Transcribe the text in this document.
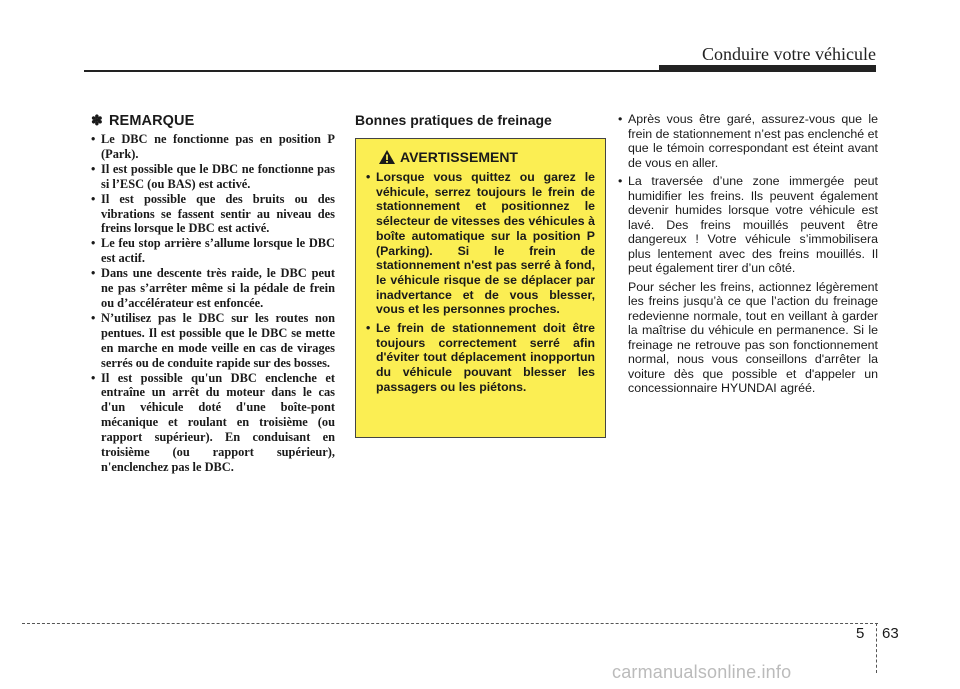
Conduire votre véhicule
✽ REMARQUE
• Le DBC ne fonctionne pas en position P (Park).
• Il est possible que le DBC ne fonctionne pas si l’ESC (ou BAS) est activé.
• Il est possible que des bruits ou des vibrations se fassent sentir au niveau des freins lorsque le DBC est activé.
• Le feu stop arrière s’allume lorsque le DBC est actif.
• Dans une descente très raide, le DBC peut ne pas s’arrêter même si la pédale de frein ou d’accélérateur est enfoncée.
• N’utilisez pas le DBC sur les routes non pentues. Il est possible que le DBC se mette en marche en mode veille en cas de virages serrés ou de conduite rapide sur des bosses.
• Il est possible qu'un DBC enclenche et entraîne un arrêt du moteur dans le cas d'un véhicule doté d'une boîte-pont mécanique et roulant en troisième (ou rapport supérieur). En conduisant en troisième (ou rapport supérieur), n'enclenchez pas le DBC.
Bonnes pratiques de freinage
AVERTISSEMENT
• Lorsque vous quittez ou garez le véhicule, serrez toujours le frein de stationnement et positionnez le sélecteur de vitesses des véhicules à boîte automatique sur la position P (Parking). Si le frein de stationnement n'est pas serré à fond, le véhicule risque de se déplacer par inadvertance et de vous blesser, vous et les personnes proches.
• Le frein de stationnement doit être toujours correctement serré afin d'éviter tout déplacement inopportun du véhicule pouvant blesser les passagers ou les piétons.
• Après vous être garé, assurez-vous que le frein de stationnement n’est pas enclenché et que le témoin correspondant est éteint avant de vous en aller.
• La traversée d’une zone immergée peut humidifier les freins. Ils peuvent également devenir humides lorsque votre véhicule est lavé. Des freins mouillés peuvent être dangereux ! Votre véhicule s’immobilisera plus lentement avec des freins mouillés. Il peut également tirer d’un côté.

Pour sécher les freins, actionnez légèrement les freins jusqu’à ce que l’action du freinage redevienne normale, tout en veillant à garder la maîtrise du véhicule en permanence. Si le freinage ne retrouve pas son fonctionnement normal, nous vous conseillons d'arrêter la voiture dès que possible et d'appeler un concessionnaire HYUNDAI agréé.

5 63
carmanualsonline.info
